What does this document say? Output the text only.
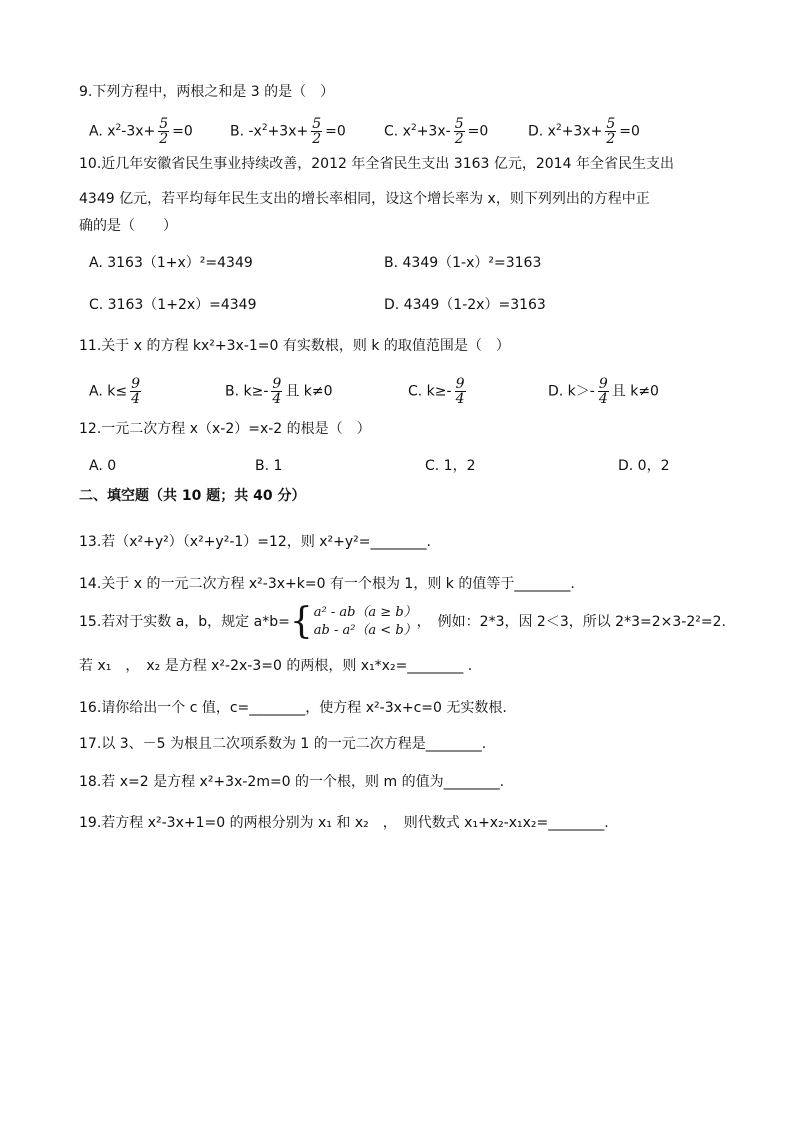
9.下列方程中，两根之和是 3 的是（　）
A. $x^2-3x+ \frac{5}{2} =0$	B. $-x^2+3x+ \frac{5}{2} =0$	C. $x^2+3x- \frac{5}{2} =0$	D. $x^2+3x+ \frac{5}{2} =0$
10.近几年安徽省民生事业持续改善，2012 年全省民生支出 3163 亿元，2014 年全省民生支出
4349 亿元，若平均每年民生支出的增长率相同，设这个增长率为 x，则下列列出的方程中正
确的是（　　）
A. 3163（1+x）²=4349	B. 4349（1-x）²=3163
C. 3163（1+2x）=4349	D. 4349（1-2x）=3163
11.关于 x 的方程 kx²+3x-1=0 有实数根，则 k 的取值范围是（　）
A. $k\le \frac{9}{4}$	B. $k\ge- \frac{9}{4}$ 且 k≠0	C. $k\ge- \frac{9}{4}$	D. $k>- \frac{9}{4}$ 且 k≠0
12.一元二次方程 x（x-2）=x-2 的根是（　）
A. 0	B. 1	C. 1，2	D. 0，2
二、填空题（共 10 题；共 40 分）
13.若（x²+y²）（x²+y²-1）=12，则 x²+y²=________.
14.关于 x 的一元二次方程 x²-3x+k=0 有一个根为 1，则 k 的值等于________.
15.若对于实数 a，b，规定 a*b= { a² - ab（a ≥ b）
ab - a²（a < b）
，　例如：2*3，因 2＜3，所以 2*3=2×3-2²=2.
若 x₁　，　x₂ 是方程 x²-2x-3=0 的两根，则 x₁*x₂=________ .
16.请你给出一个 c 值，c=________，使方程 x²-3x+c=0 无实数根.
17.以 3、－5 为根且二次项系数为 1 的一元二次方程是________.
18.若 x=2 是方程 x²+3x-2m=0 的一个根，则 m 的值为________.
19.若方程 x²-3x+1=0 的两根分别为 x₁ 和 x₂　，　则代数式 x₁+x₂-x₁x₂=________.
